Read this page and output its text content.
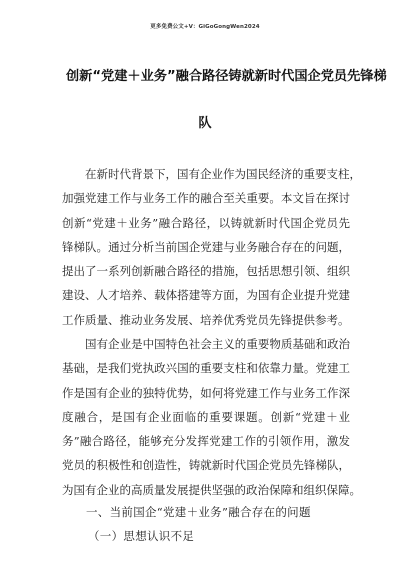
更多免费公文+V：GiGoGongWen2024
创新“党建＋业务”融合路径铸就新时代国企党员先锋梯
队
在新时代背景下，国有企业作为国民经济的重要支柱，
加强党建工作与业务工作的融合至关重要。本文旨在探讨
创新“党建＋业务”融合路径，以铸就新时代国企党员先
锋梯队。通过分析当前国企党建与业务融合存在的问题，
提出了一系列创新融合路径的措施，包括思想引领、组织
建设、人才培养、载体搭建等方面，为国有企业提升党建
工作质量、推动业务发展、培养优秀党员先锋提供参考。
国有企业是中国特色社会主义的重要物质基础和政治
基础，是我们党执政兴国的重要支柱和依靠力量。党建工
作是国有企业的独特优势，如何将党建工作与业务工作深
度融合，是国有企业面临的重要课题。创新“党建＋业
务”融合路径，能够充分发挥党建工作的引领作用，激发
党员的积极性和创造性，铸就新时代国企党员先锋梯队，
为国有企业的高质量发展提供坚强的政治保障和组织保障。
一、当前国企“党建＋业务”融合存在的问题
（一）思想认识不足
